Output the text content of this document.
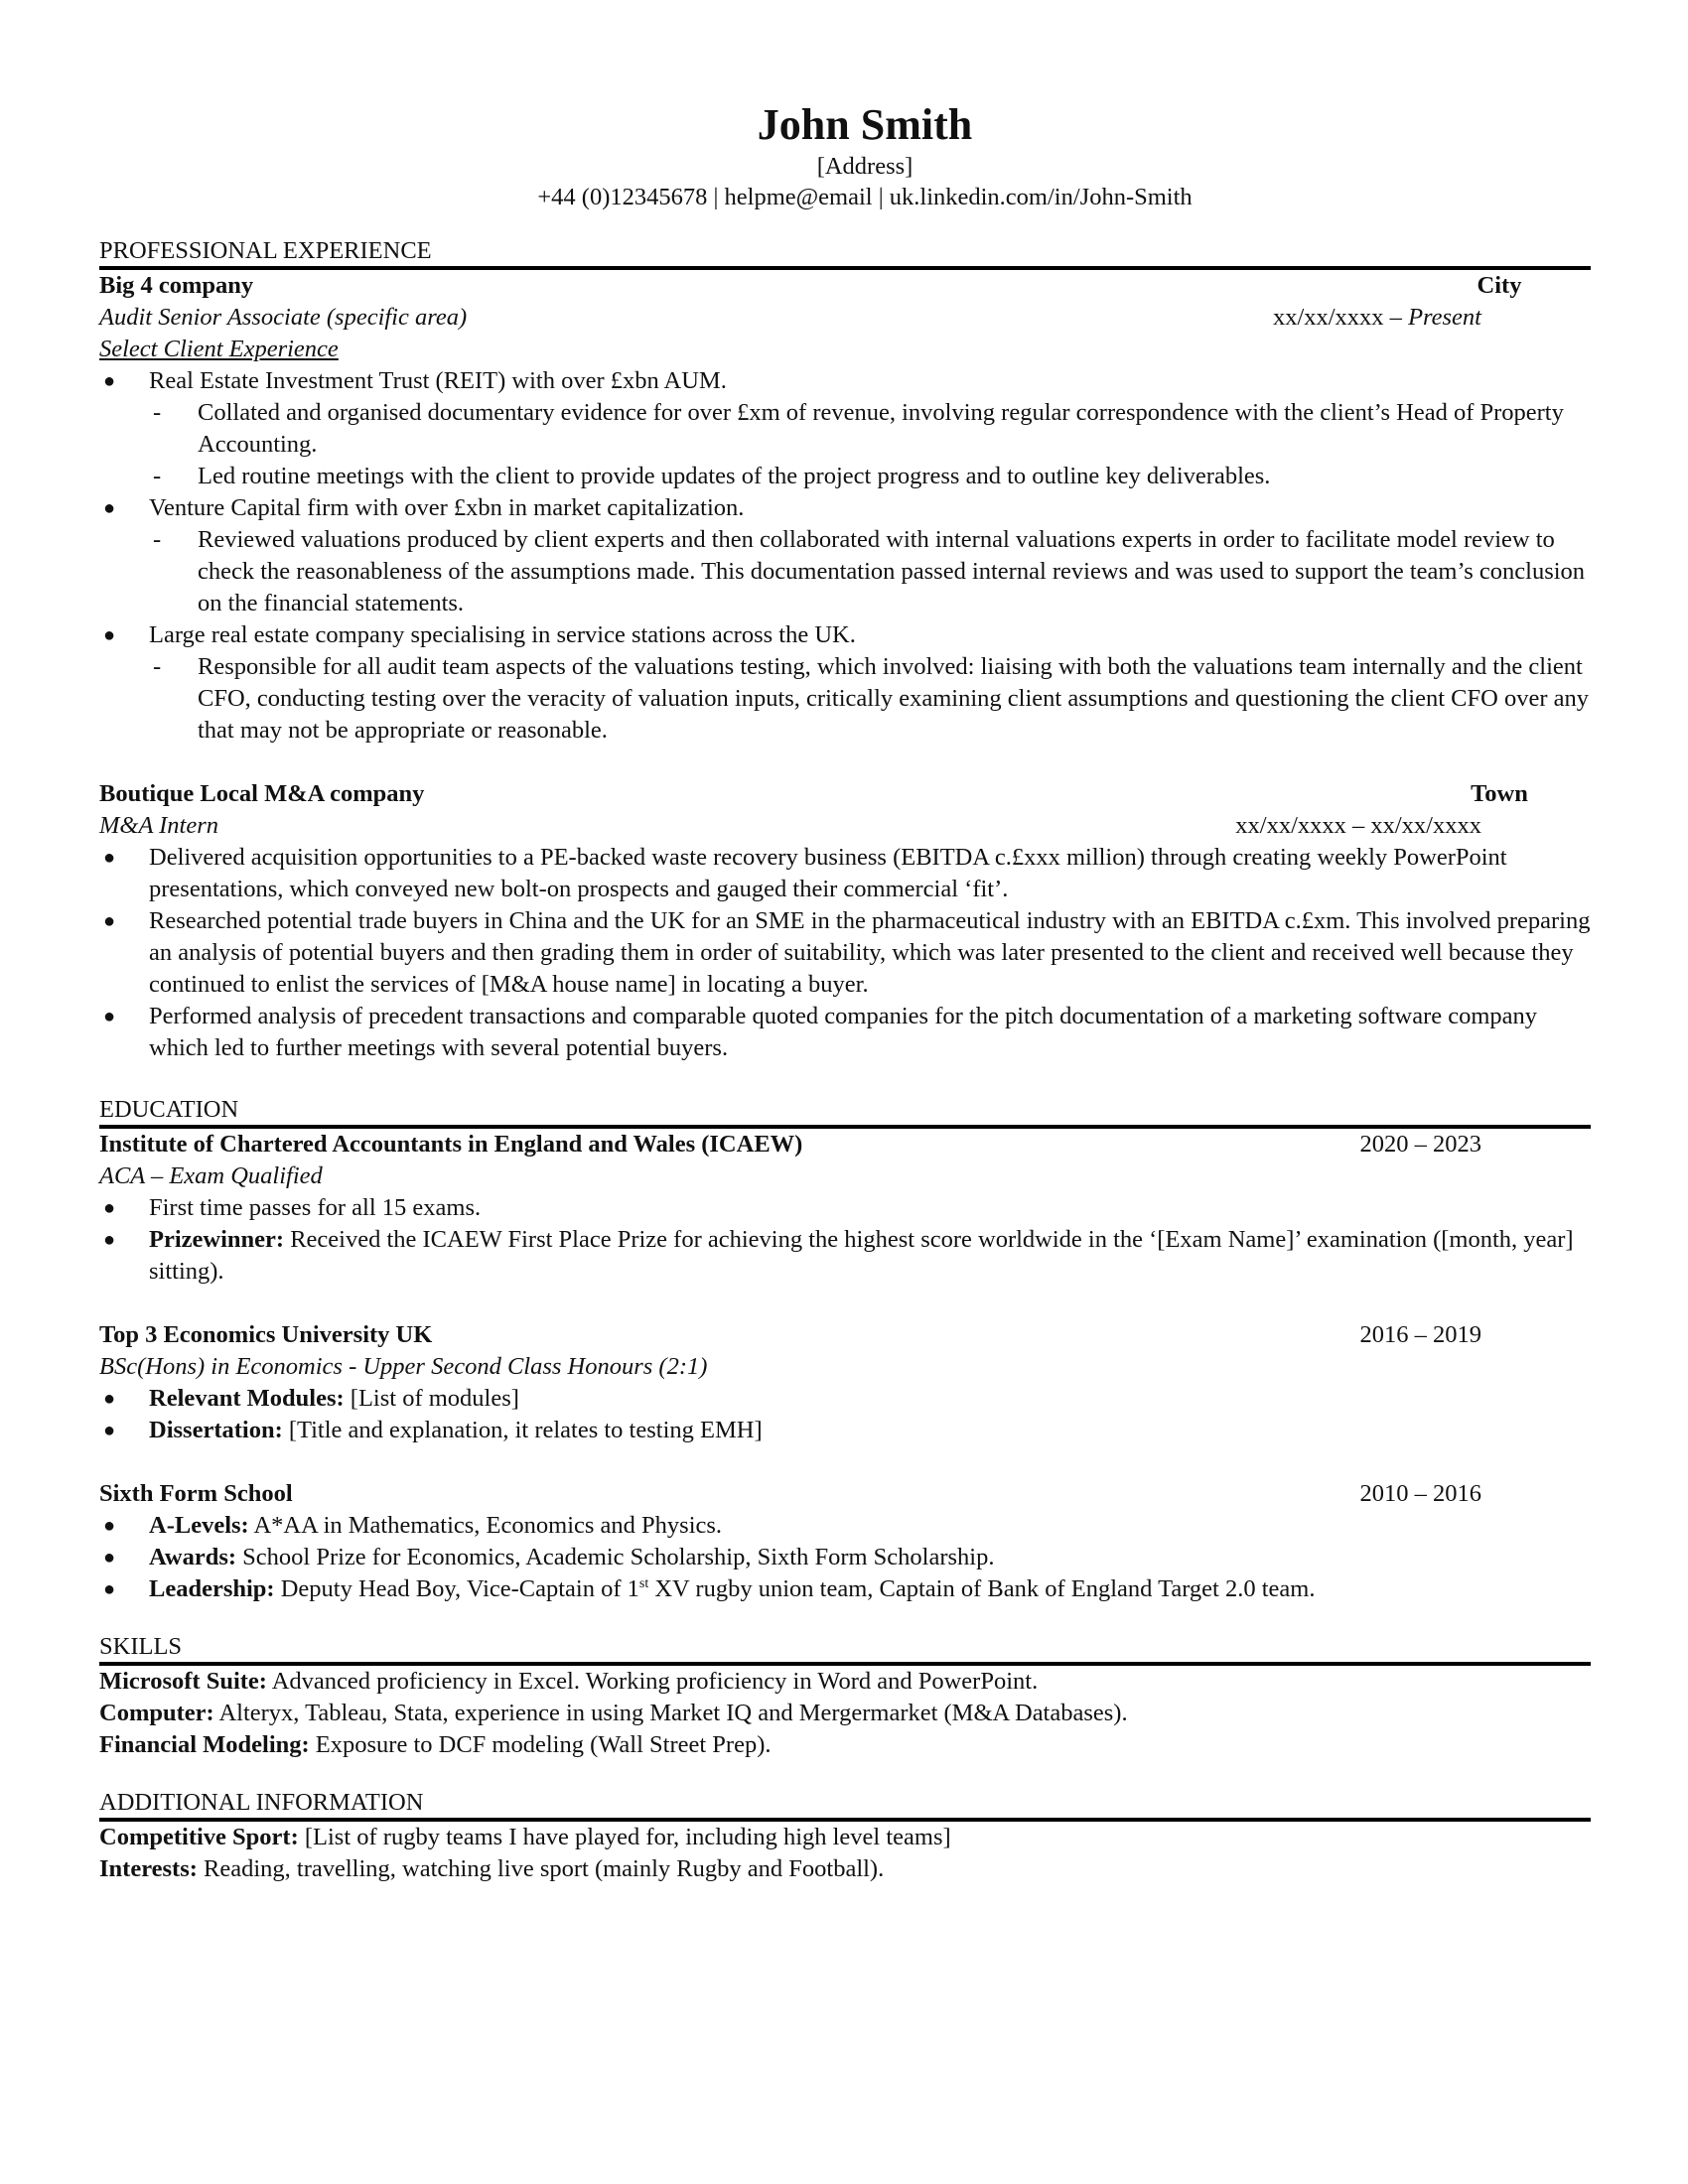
John Smith
[Address]
+44 (0)12345678 | helpme@email | uk.linkedin.com/in/John-Smith
PROFESSIONAL EXPERIENCE
Big 4 company	City
Audit Senior Associate (specific area)	xx/xx/xxxx – Present
Select Client Experience
● Real Estate Investment Trust (REIT) with over £xbn AUM.
- Collated and organised documentary evidence for over £xm of revenue, involving regular correspondence with the client’s Head of Property Accounting.
- Led routine meetings with the client to provide updates of the project progress and to outline key deliverables.
● Venture Capital firm with over £xbn in market capitalization.
- Reviewed valuations produced by client experts and then collaborated with internal valuations experts in order to facilitate model review to check the reasonableness of the assumptions made. This documentation passed internal reviews and was used to support the team’s conclusion on the financial statements.
● Large real estate company specialising in service stations across the UK.
- Responsible for all audit team aspects of the valuations testing, which involved: liaising with both the valuations team internally and the client CFO, conducting testing over the veracity of valuation inputs, critically examining client assumptions and questioning the client CFO over any that may not be appropriate or reasonable.
Boutique Local M&A company	Town
M&A Intern	xx/xx/xxxx – xx/xx/xxxx
● Delivered acquisition opportunities to a PE-backed waste recovery business (EBITDA c.£xxx million) through creating weekly PowerPoint presentations, which conveyed new bolt-on prospects and gauged their commercial ‘fit’.
● Researched potential trade buyers in China and the UK for an SME in the pharmaceutical industry with an EBITDA c.£xm. This involved preparing an analysis of potential buyers and then grading them in order of suitability, which was later presented to the client and received well because they continued to enlist the services of [M&A house name] in locating a buyer.
● Performed analysis of precedent transactions and comparable quoted companies for the pitch documentation of a marketing software company which led to further meetings with several potential buyers.
EDUCATION
Institute of Chartered Accountants in England and Wales (ICAEW)	2020 – 2023
ACA – Exam Qualified
● First time passes for all 15 exams.
● Prizewinner: Received the ICAEW First Place Prize for achieving the highest score worldwide in the ‘[Exam Name]’ examination ([month, year] sitting).
Top 3 Economics University UK	2016 – 2019
BSc(Hons) in Economics - Upper Second Class Honours (2:1)
● Relevant Modules: [List of modules]
● Dissertation: [Title and explanation, it relates to testing EMH]
Sixth Form School	2010 – 2016
● A-Levels: A*AA in Mathematics, Economics and Physics.
● Awards: School Prize for Economics, Academic Scholarship, Sixth Form Scholarship.
● Leadership: Deputy Head Boy, Vice-Captain of 1st XV rugby union team, Captain of Bank of England Target 2.0 team.
SKILLS
Microsoft Suite: Advanced proficiency in Excel. Working proficiency in Word and PowerPoint.
Computer: Alteryx, Tableau, Stata, experience in using Market IQ and Mergermarket (M&A Databases).
Financial Modeling: Exposure to DCF modeling (Wall Street Prep).
ADDITIONAL INFORMATION
Competitive Sport: [List of rugby teams I have played for, including high level teams]
Interests: Reading, travelling, watching live sport (mainly Rugby and Football).
